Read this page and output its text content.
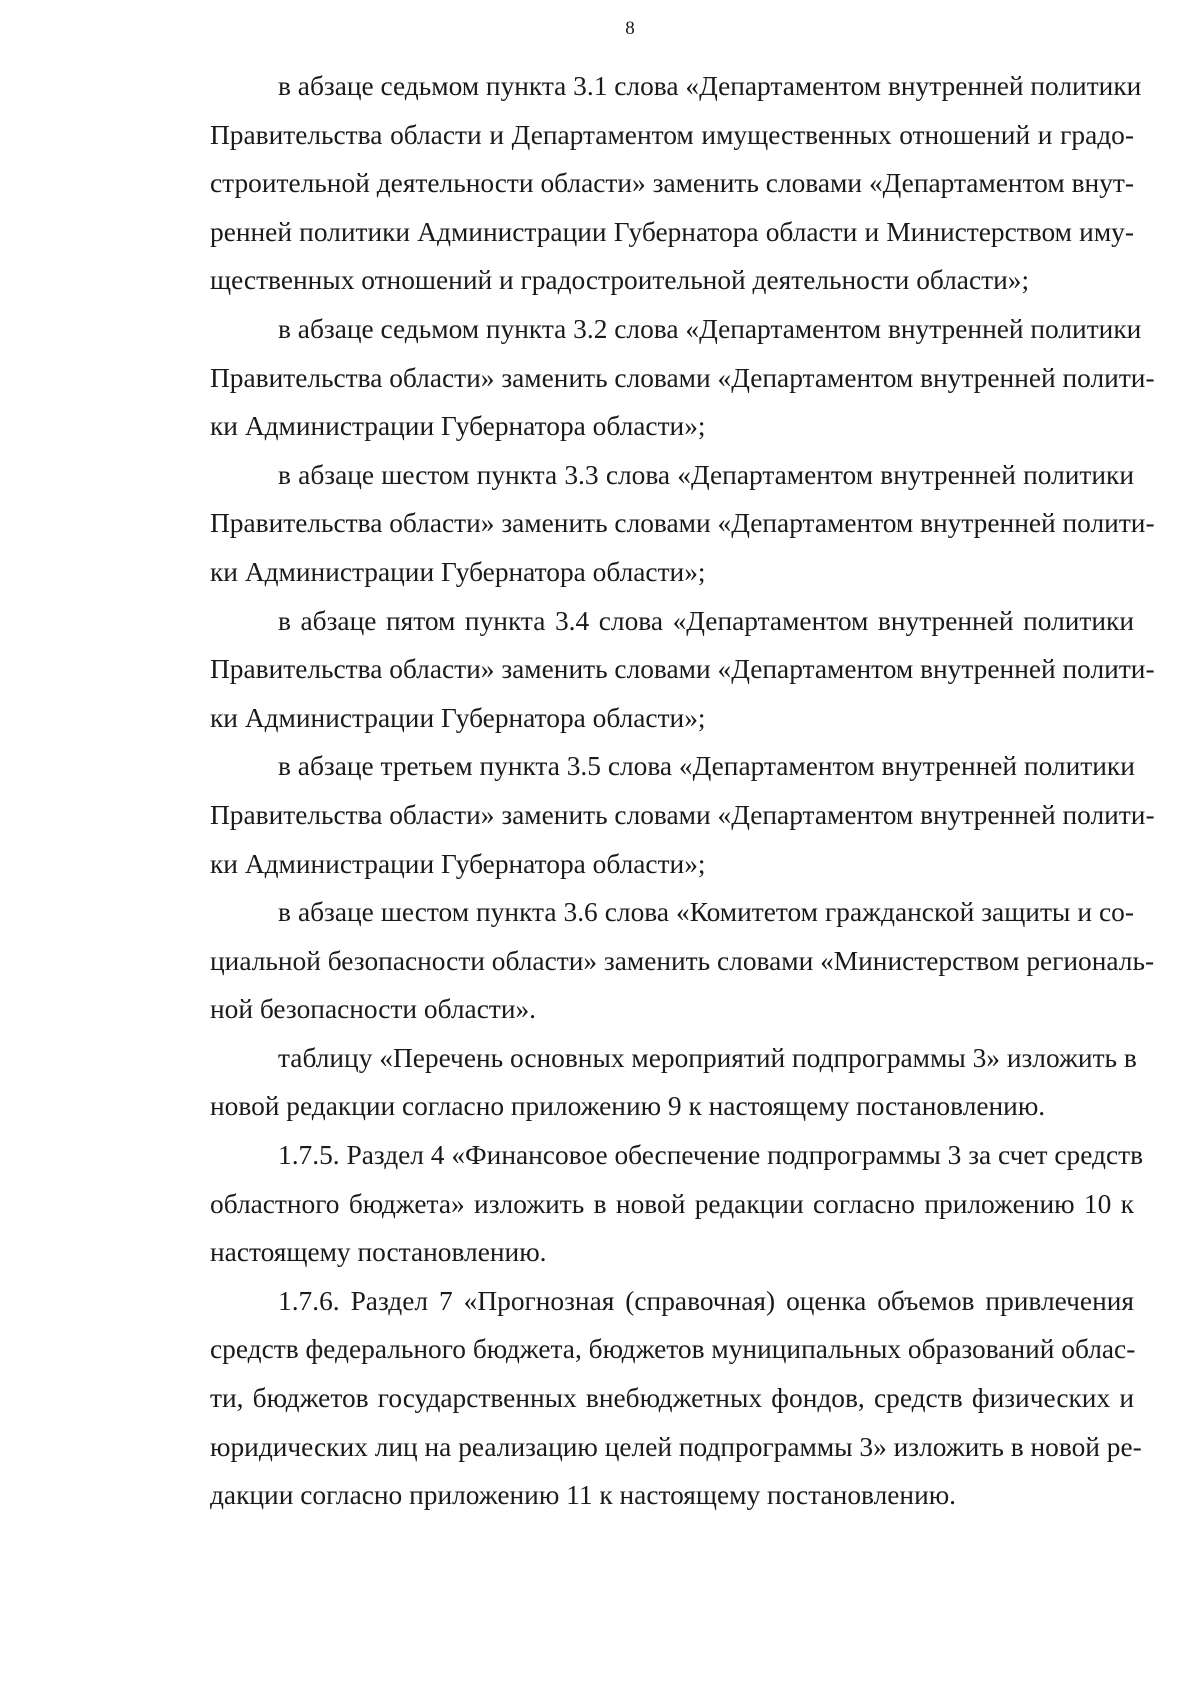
8
в абзаце седьмом пункта 3.1 слова «Департаментом внутренней политики
Правительства области и Департаментом имущественных отношений и градо-
строительной деятельности области» заменить словами «Департаментом внут-
ренней политики Администрации Губернатора области и Министерством иму-
щественных отношений и градостроительной деятельности области»;
в абзаце седьмом пункта 3.2 слова «Департаментом внутренней политики
Правительства области» заменить словами «Департаментом внутренней полити-
ки Администрации Губернатора области»;
в абзаце шестом пункта 3.3 слова «Департаментом внутренней политики
Правительства области» заменить словами «Департаментом внутренней полити-
ки Администрации Губернатора области»;
в абзаце пятом пункта 3.4 слова «Департаментом внутренней политики
Правительства области» заменить словами «Департаментом внутренней полити-
ки Администрации Губернатора области»;
в абзаце третьем пункта 3.5 слова «Департаментом внутренней политики
Правительства области» заменить словами «Департаментом внутренней полити-
ки Администрации Губернатора области»;
в абзаце шестом пункта 3.6 слова «Комитетом гражданской защиты и со-
циальной безопасности области» заменить словами «Министерством региональ-
ной безопасности области».
таблицу «Перечень основных мероприятий подпрограммы 3» изложить в
новой редакции согласно приложению 9 к настоящему постановлению.
1.7.5. Раздел 4 «Финансовое обеспечение подпрограммы 3 за счет средств
областного бюджета» изложить в новой редакции согласно приложению 10 к
настоящему постановлению.
1.7.6. Раздел 7 «Прогнозная (справочная) оценка объемов привлечения
средств федерального бюджета, бюджетов муниципальных образований облас-
ти, бюджетов государственных внебюджетных фондов, средств физических и
юридических лиц на реализацию целей подпрограммы 3» изложить в новой ре-
дакции согласно приложению 11 к настоящему постановлению.
